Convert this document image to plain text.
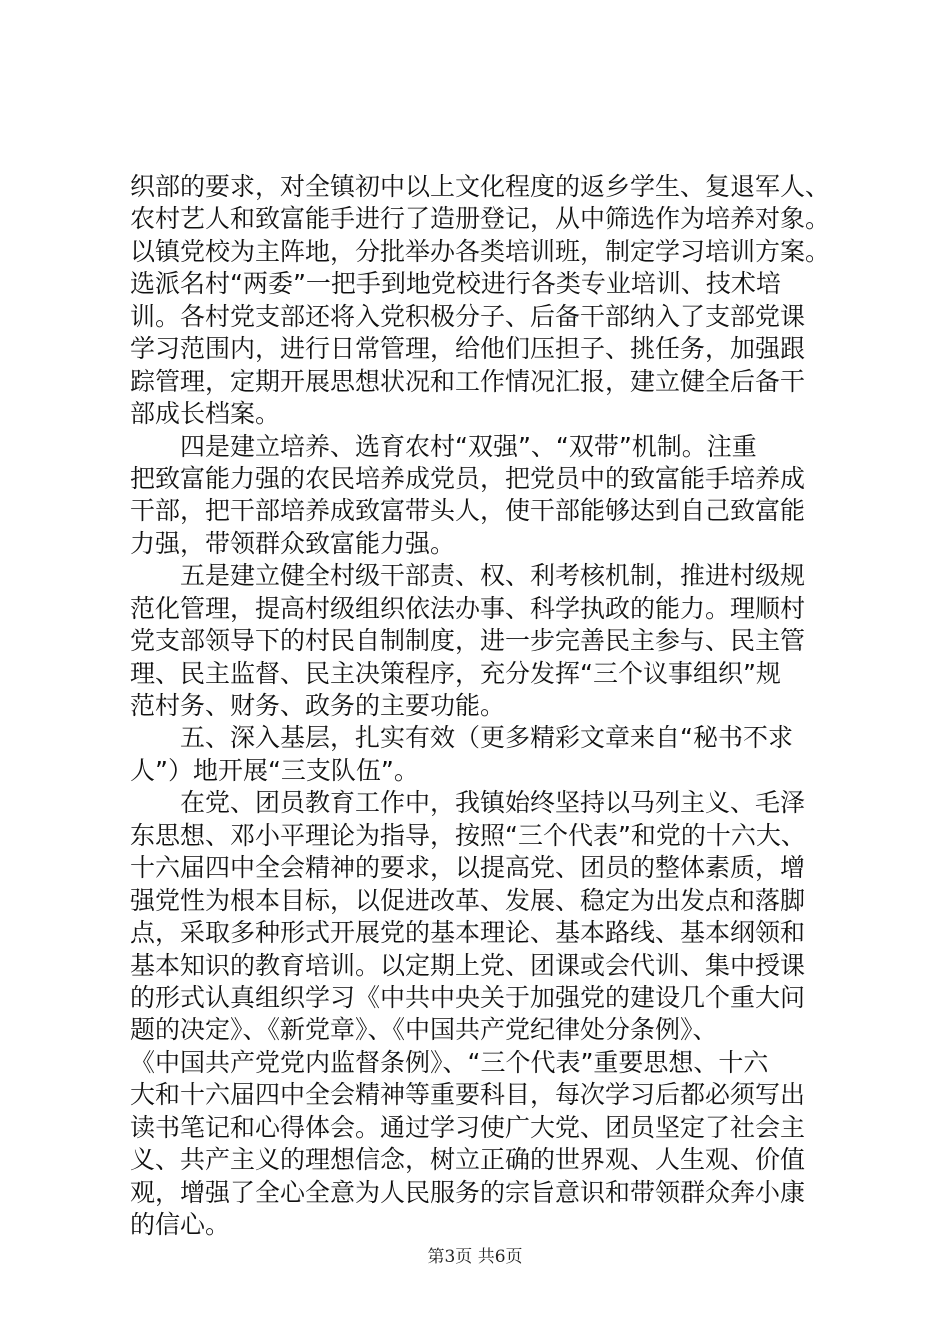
织部的要求，对全镇初中以上文化程度的返乡学生、复退军人、
农村艺人和致富能手进行了造册登记，从中筛选作为培养对象。
以镇党校为主阵地，分批举办各类培训班，制定学习培训方案。
选派名村“两委”一把手到地党校进行各类专业培训、技术培
训。各村党支部还将入党积极分子、后备干部纳入了支部党课
学习范围内，进行日常管理，给他们压担子、挑任务，加强跟
踪管理，定期开展思想状况和工作情况汇报，建立健全后备干
部成长档案。
　　四是建立培养、选育农村“双强”、“双带”机制。注重
把致富能力强的农民培养成党员，把党员中的致富能手培养成
干部，把干部培养成致富带头人，使干部能够达到自己致富能
力强，带领群众致富能力强。
　　五是建立健全村级干部责、权、利考核机制，推进村级规
范化管理，提高村级组织依法办事、科学执政的能力。理顺村
党支部领导下的村民自制制度，进一步完善民主参与、民主管
理、民主监督、民主决策程序，充分发挥“三个议事组织”规
范村务、财务、政务的主要功能。
　　五、深入基层，扎实有效（更多精彩文章来自“秘书不求
人”）地开展“三支队伍”。
　　在党、团员教育工作中，我镇始终坚持以马列主义、毛泽
东思想、邓小平理论为指导，按照“三个代表”和党的十六大、
十六届四中全会精神的要求，以提高党、团员的整体素质，增
强党性为根本目标，以促进改革、发展、稳定为出发点和落脚
点，采取多种形式开展党的基本理论、基本路线、基本纲领和
基本知识的教育培训。以定期上党、团课或会代训、集中授课
的形式认真组织学习《中共中央关于加强党的建设几个重大问
题的决定》、《新党章》、《中国共产党纪律处分条例》、
《中国共产党党内监督条例》、“三个代表”重要思想、十六
大和十六届四中全会精神等重要科目，每次学习后都必须写出
读书笔记和心得体会。通过学习使广大党、团员坚定了社会主
义、共产主义的理想信念，树立正确的世界观、人生观、价值
观，增强了全心全意为人民服务的宗旨意识和带领群众奔小康
的信心。
第3页 共6页
